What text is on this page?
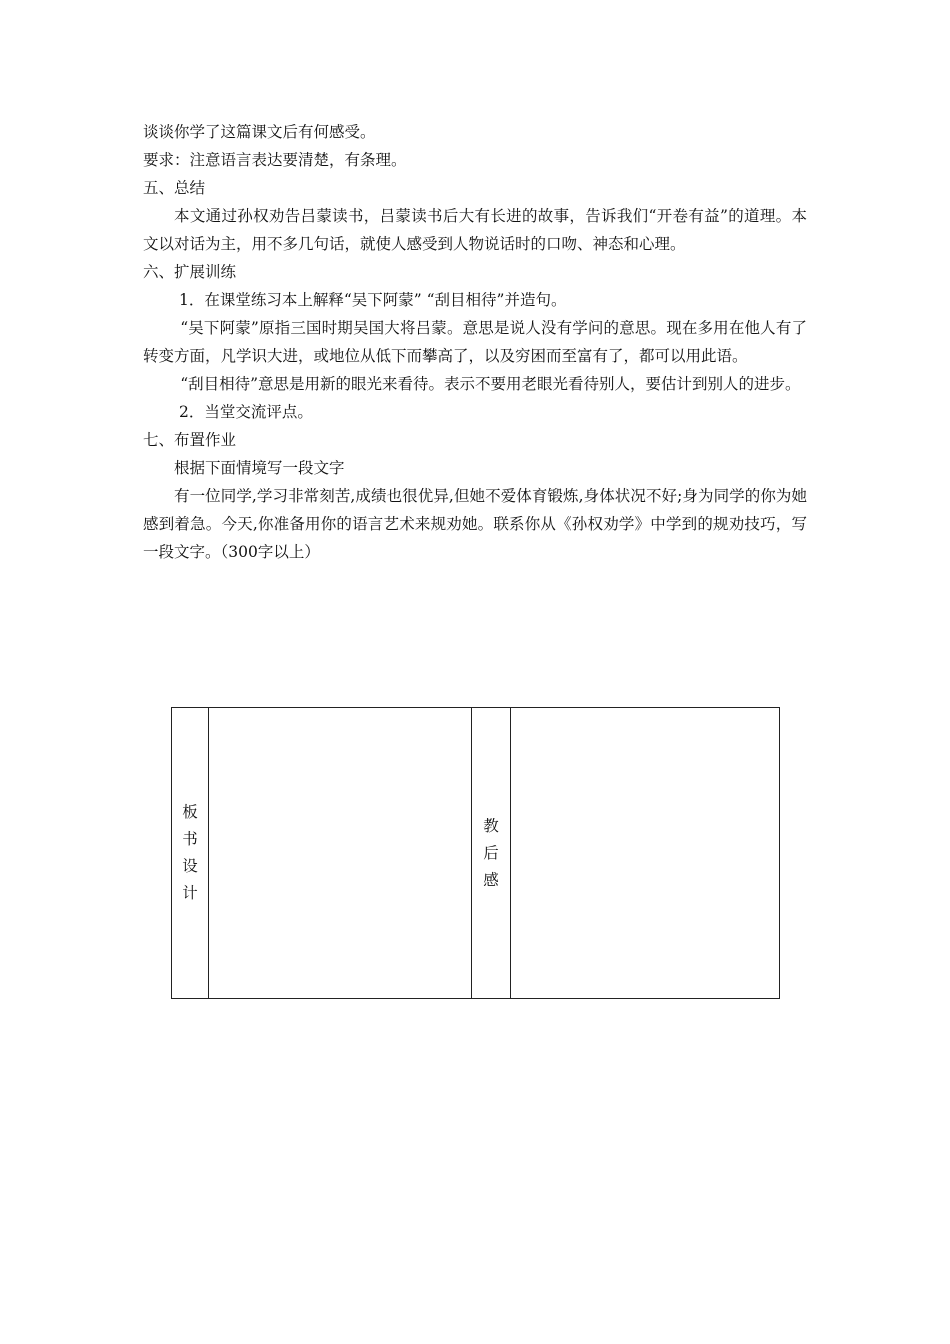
谈谈你学了这篇课文后有何感受。

要求：注意语言表达要清楚，有条理。

五、总结

本文通过孙权劝告吕蒙读书，吕蒙读书后大有长进的故事，告诉我们“开卷有益”的道理。本文以对话为主，用不多几句话，就使人感受到人物说话时的口吻、神态和心理。

六、扩展训练

1．在课堂练习本上解释“吴下阿蒙” “刮目相待”并造句。

“吴下阿蒙”原指三国时期吴国大将吕蒙。意思是说人没有学问的意思。现在多用在他人有了转变方面，凡学识大进，或地位从低下而攀高了，以及穷困而至富有了，都可以用此语。

“刮目相待”意思是用新的眼光来看待。表示不要用老眼光看待别人，要估计到别人的进步。

2．当堂交流评点。

七、布置作业

根据下面情境写一段文字

有一位同学,学习非常刻苦,成绩也很优异,但她不爱体育锻炼,身体状况不好;身为同学的你为她感到着急。今天,你准备用你的语言艺术来规劝她。联系你从《孙权劝学》中学到的规劝技巧，写一段文字。（300字以上）

板书设计		教后感	
